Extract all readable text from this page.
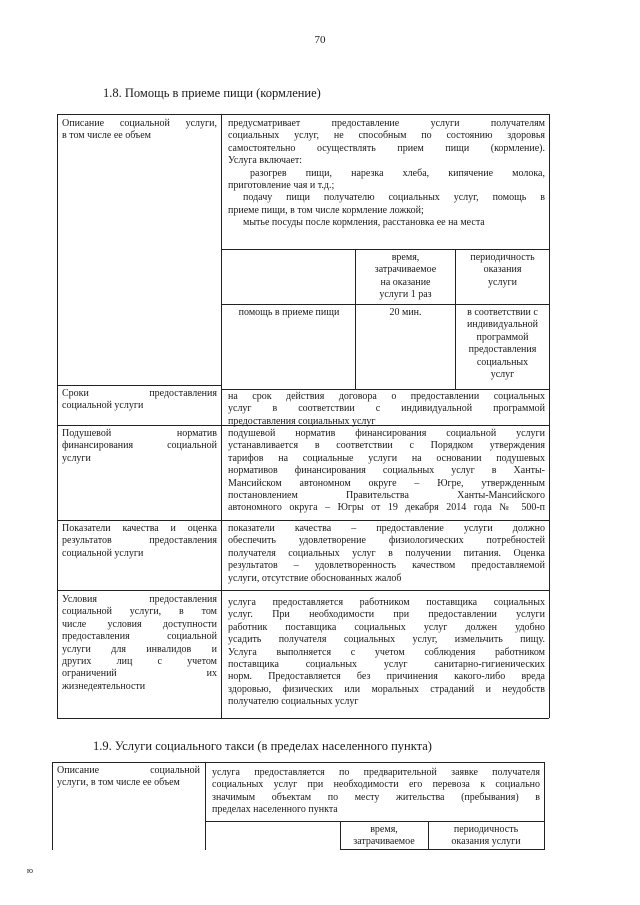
70
1.8. Помощь в приеме пищи (кормление)
Описание социальной услуги,
в том числе ее объем
предусматривает предоставление услуги получателям
социальных услуг, не способным по состоянию здоровья
самостоятельно осуществлять прием пищи (кормление).
Услуга включает:
разогрев пищи, нарезка хлеба, кипячение молока,
приготовление чая и т.д.;
подачу пищи получателю социальных услуг, помощь в
приеме пищи, в том числе кормление ложкой;
мытье посуды после кормления, расстановка ее на места
время,
затрачиваемое
на оказание
услуги 1 раз
периодичность
оказания
услуги
помощь в приеме пищи	20 мин.	в соответствии с
индивидуальной
программой
предоставления
социальных
услуг
Сроки предоставления
социальной услуги
на срок действия договора о предоставлении социальных
услуг в соответствии с индивидуальной программой
предоставления социальных услуг
Подушевой норматив
финансирования социальной
услуги
подушевой норматив финансирования социальной услуги
устанавливается в соответствии с Порядком утверждения
тарифов на социальные услуги на основании подушевых
нормативов финансирования социальных услуг в Ханты-
Мансийском автономном округе – Югре, утвержденным
постановлением Правительства Ханты-Мансийского
автономного округа – Югры от 19 декабря 2014 года № 500-п
Показатели качества и оценка
результатов предоставления
социальной услуги
показатели качества – предоставление услуги должно
обеспечить удовлетворение физиологических потребностей
получателя социальных услуг в получении питания. Оценка
результатов – удовлетворенность качеством предоставляемой
услуги, отсутствие обоснованных жалоб
Условия предоставления
социальной услуги, в том
числе условия доступности
предоставления социальной
услуги для инвалидов и
других лиц с учетом
ограничений их
жизнедеятельности
услуга предоставляется работником поставщика социальных
услуг. При необходимости при предоставлении услуги
работник поставщика социальных услуг должен удобно
усадить получателя социальных услуг, измельчить пищу.
Услуга выполняется с учетом соблюдения работником
поставщика социальных услуг санитарно-гигиенических
норм. Предоставляется без причинения какого-либо вреда
здоровью, физических или моральных страданий и неудобств
получателю социальных услуг
1.9. Услуги социального такси (в пределах населенного пункта)
Описание социальной
услуги, в том числе ее объем
услуга предоставляется по предварительной заявке получателя
социальных услуг при необходимости его перевоза к социально
значимым объектам по месту жительства (пребывания) в
пределах населенного пункта
время,
затрачиваемое
периодичность
оказания услуги
ю
